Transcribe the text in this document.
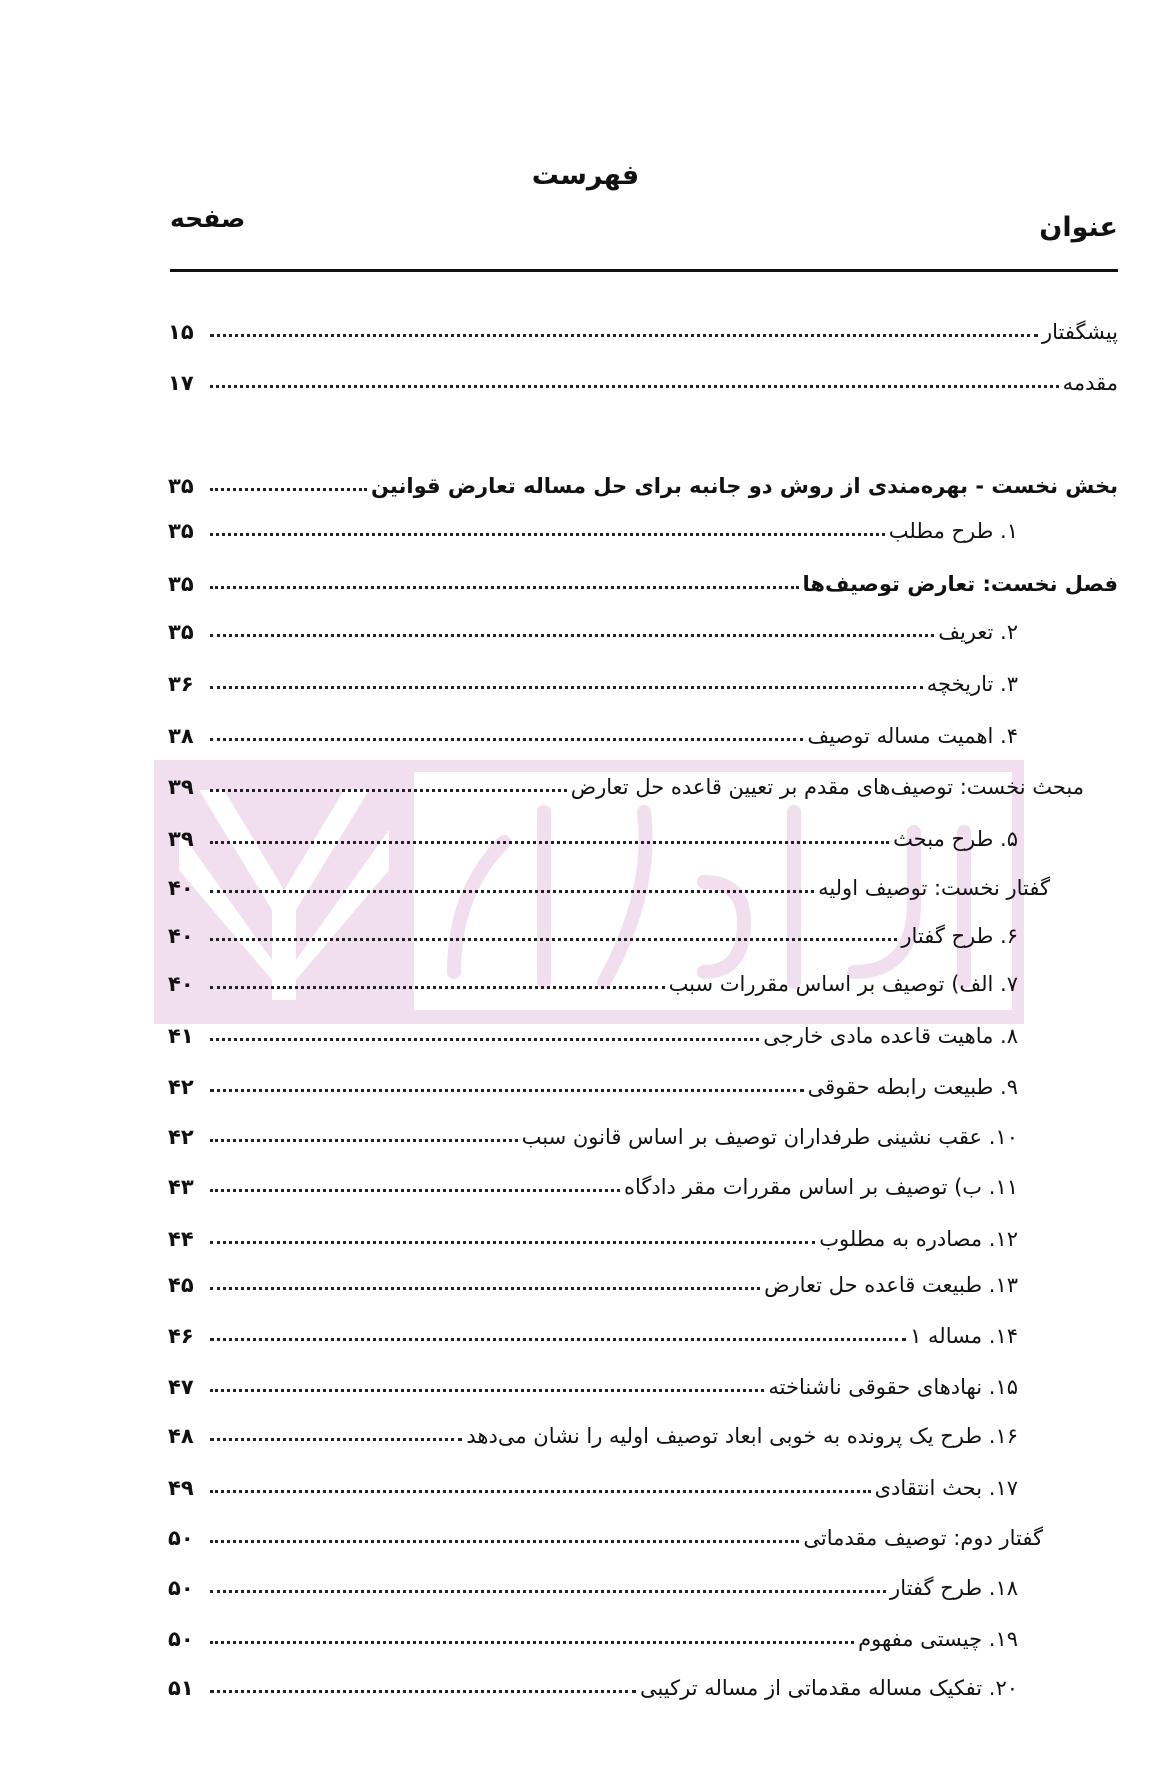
فهرست
صفحه	عنوان
پیشگفتار
۱۵
مقدمه
۱۷
بخش نخست - بهره‌مندی از روش دو جانبه برای حل مساله تعارض قوانین
۳۵
۱. طرح مطلب
۳۵
فصل نخست: تعارض توصیف‌ها
۳۵
۲. تعریف
۳۵
۳. تاریخچه
۳۶
۴. اهمیت مساله توصیف
۳۸
مبحث نخست: توصیف‌های مقدم بر تعیین قاعده حل تعارض
۳۹
۵. طرح مبحث
۳۹
گفتار نخست: توصیف اولیه
۴۰
۶. طرح گفتار
۴۰
۷. الف) توصیف بر اساس مقررات سبب
۴۰
۸. ماهیت قاعده مادی خارجی
۴۱
۹. طبیعت رابطه حقوقی
۴۲
۱۰. عقب نشینی طرفداران توصیف بر اساس قانون سبب
۴۲
۱۱. ب) توصیف بر اساس مقررات مقر دادگاه
۴۳
۱۲. مصادره به مطلوب
۴۴
۱۳. طبیعت قاعده حل تعارض
۴۵
۱۴. مساله ۱
۴۶
۱۵. نهادهای حقوقی ناشناخته
۴۷
۱۶. طرح یک پرونده به خوبی ابعاد توصیف اولیه را نشان می‌دهد
۴۸
۱۷. بحث انتقادی
۴۹
گفتار دوم: توصیف مقدماتی
۵۰
۱۸. طرح گفتار
۵۰
۱۹. چیستی مفهوم
۵۰
۲۰. تفکیک مساله مقدماتی از مساله ترکیبی
۵۱
